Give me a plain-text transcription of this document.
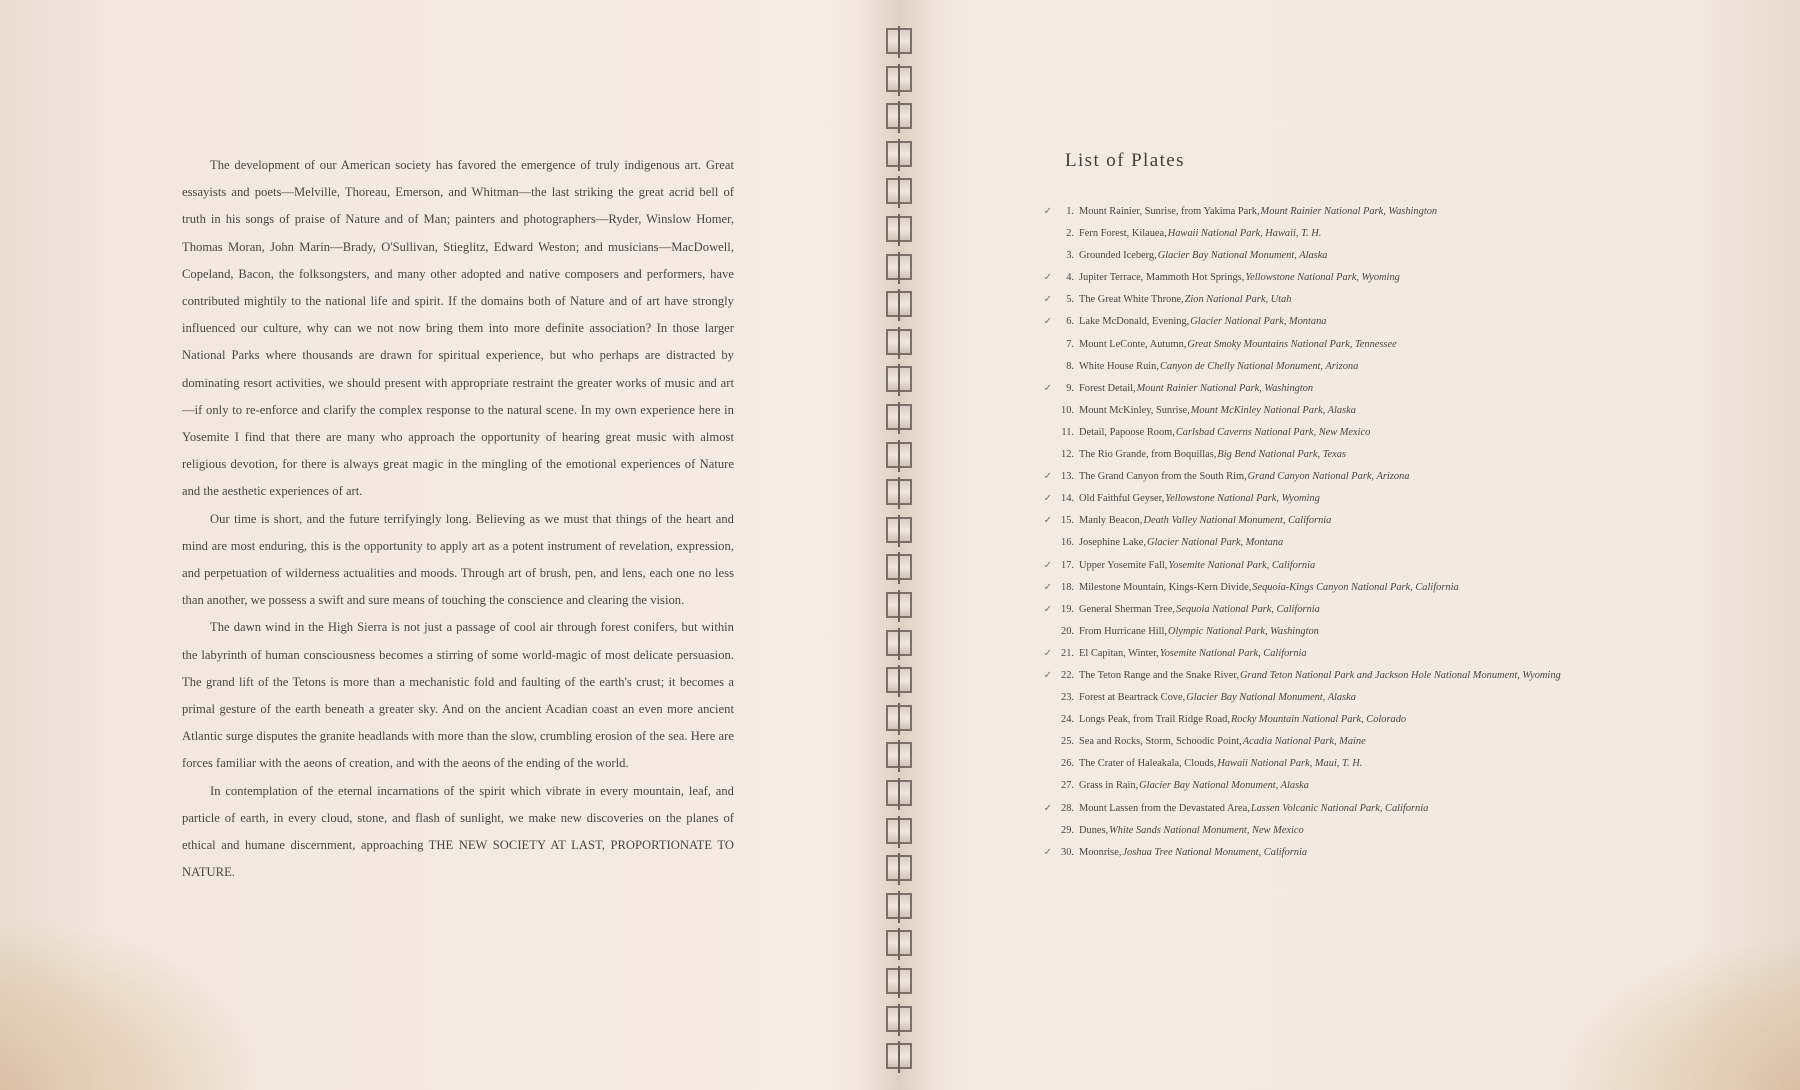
The development of our American society has favored the emergence of truly indigenous art. Great essayists and poets—Melville, Thoreau, Emerson, and Whitman—the last striking the great acrid bell of truth in his songs of praise of Nature and of Man; painters and photographers—Ryder, Winslow Homer, Thomas Moran, John Marin—Brady, O'Sullivan, Stieglitz, Edward Weston; and musicians—MacDowell, Copeland, Bacon, the folksongsters, and many other adopted and native composers and performers, have contributed mightily to the national life and spirit. If the domains both of Nature and of art have strongly influenced our culture, why can we not now bring them into more definite association? In those larger National Parks where thousands are drawn for spiritual experience, but who perhaps are distracted by dominating resort activities, we should present with appropriate restraint the greater works of music and art—if only to re-enforce and clarify the complex response to the natural scene. In my own experience here in Yosemite I find that there are many who approach the opportunity of hearing great music with almost religious devotion, for there is always great magic in the mingling of the emotional experiences of Nature and the aesthetic experiences of art.

Our time is short, and the future terrifyingly long. Believing as we must that things of the heart and mind are most enduring, this is the opportunity to apply art as a potent instrument of revelation, expression, and perpetuation of wilderness actualities and moods. Through art of brush, pen, and lens, each one no less than another, we possess a swift and sure means of touching the conscience and clearing the vision.

The dawn wind in the High Sierra is not just a passage of cool air through forest conifers, but within the labyrinth of human consciousness becomes a stirring of some world-magic of most delicate persuasion. The grand lift of the Tetons is more than a mechanistic fold and faulting of the earth's crust; it becomes a primal gesture of the earth beneath a greater sky. And on the ancient Acadian coast an even more ancient Atlantic surge disputes the granite headlands with more than the slow, crumbling erosion of the sea. Here are forces familiar with the aeons of creation, and with the aeons of the ending of the world.

In contemplation of the eternal incarnations of the spirit which vibrate in every mountain, leaf, and particle of earth, in every cloud, stone, and flash of sunlight, we make new discoveries on the planes of ethical and humane discernment, approaching THE NEW SOCIETY AT LAST, PROPORTIONATE TO NATURE.

List of Plates
✓	1. Mount Rainier, Sunrise, from Yakima Park, Mount Rainier National Park, Washington
2. Fern Forest, Kilauea, Hawaii National Park, Hawaii, T. H.
3. Grounded Iceberg, Glacier Bay National Monument, Alaska
✓	4. Jupiter Terrace, Mammoth Hot Springs, Yellowstone National Park, Wyoming
✓	5. The Great White Throne, Zion National Park, Utah
✓	6. Lake McDonald, Evening, Glacier National Park, Montana
7. Mount LeConte, Autumn, Great Smoky Mountains National Park, Tennessee
8. White House Ruin, Canyon de Chelly National Monument, Arizona
✓	9. Forest Detail, Mount Rainier National Park, Washington
10. Mount McKinley, Sunrise, Mount McKinley National Park, Alaska
11. Detail, Papoose Room, Carlsbad Caverns National Park, New Mexico
12. The Rio Grande, from Boquillas, Big Bend National Park, Texas
✓ 13. The Grand Canyon from the South Rim, Grand Canyon National Park, Arizona
✓ 14. Old Faithful Geyser, Yellowstone National Park, Wyoming
✓ 15. Manly Beacon, Death Valley National Monument, California
16. Josephine Lake, Glacier National Park, Montana
✓ 17. Upper Yosemite Fall, Yosemite National Park, California
✓ 18. Milestone Mountain, Kings-Kern Divide, Sequoia-Kings Canyon National Park, California
✓ 19. General Sherman Tree, Sequoia National Park, California
20. From Hurricane Hill, Olympic National Park, Washington
✓ 21. El Capitan, Winter, Yosemite National Park, California
✓ 22. The Teton Range and the Snake River, Grand Teton National Park and Jackson Hole National Monument, Wyoming
23. Forest at Beartrack Cove, Glacier Bay National Monument, Alaska
24. Longs Peak, from Trail Ridge Road, Rocky Mountain National Park, Colorado
25. Sea and Rocks, Storm, Schoodic Point, Acadia National Park, Maine
26. The Crater of Haleakala, Clouds, Hawaii National Park, Maui, T. H.
27. Grass in Rain, Glacier Bay National Monument, Alaska
✓ 28. Mount Lassen from the Devastated Area, Lassen Volcanic National Park, California
29. Dunes, White Sands National Monument, New Mexico
✓ 30. Moonrise, Joshua Tree National Monument, California
